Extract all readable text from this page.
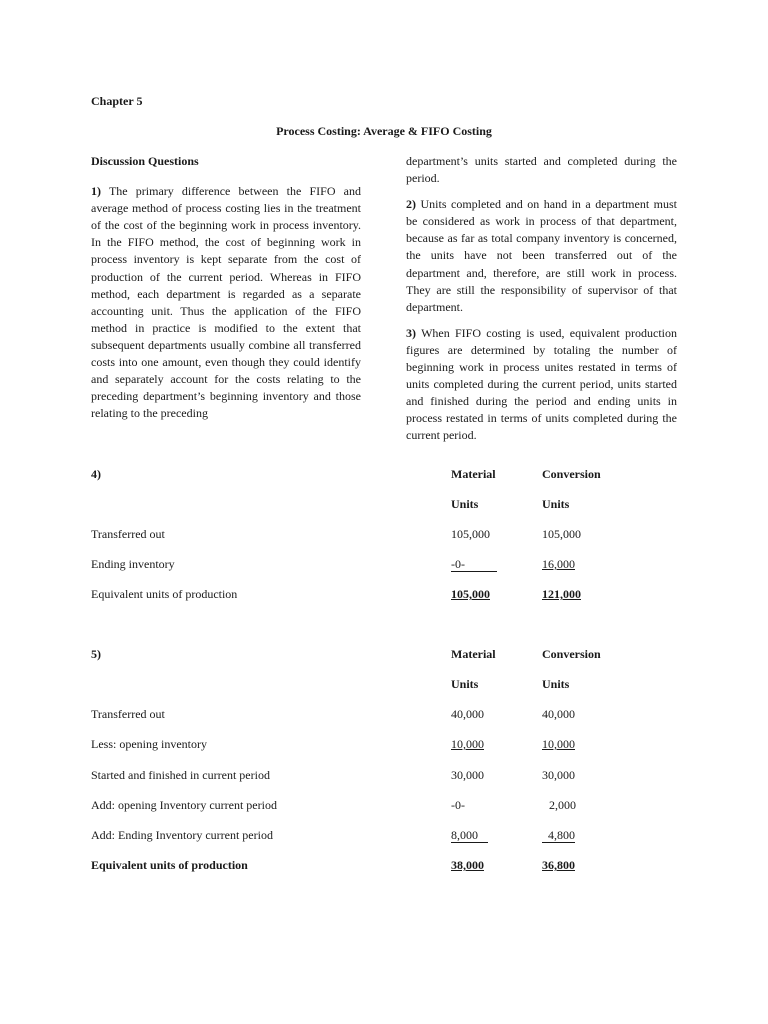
Chapter 5
Process Costing: Average & FIFO Costing

Discussion Questions

1) The primary difference between the FIFO and average method of process costing lies in the treatment of the cost of the beginning work in process inventory. In the FIFO method, the cost of beginning work in process inventory is kept separate from the cost of production of the current period. Whereas in FIFO method, each department is regarded as a separate accounting unit. Thus the application of the FIFO method in practice is modified to the extent that subsequent departments usually combine all transferred costs into one amount, even though they could identify and separately account for the costs relating to the preceding department’s beginning inventory and those relating to the preceding

department’s units started and completed during the period.

2) Units completed and on hand in a department must be considered as work in process of that department, because as far as total company inventory is concerned, the units have not been transferred out of the department and, therefore, are still work in process. They are still the responsibility of supervisor of that department.

3) When FIFO costing is used, equivalent production figures are determined by totaling the number of beginning work in process unites restated in terms of units completed during the current period, units started and finished during the period and ending units in process restated in terms of units completed during the current period.

4)	Material	Conversion
Units	Units
Transferred out	105,000	105,000
Ending inventory	-0-	16,000
Equivalent units of production	105,000	121,000
5)	Material	Conversion
Units	Units
Transferred out	40,000	40,000
Less: opening inventory	10,000	10,000
Started and finished in current period	30,000	30,000
Add: opening Inventory current period	-0-	2,000
Add: Ending Inventory current period	8,000	4,800
Equivalent units of production	38,000	36,800
